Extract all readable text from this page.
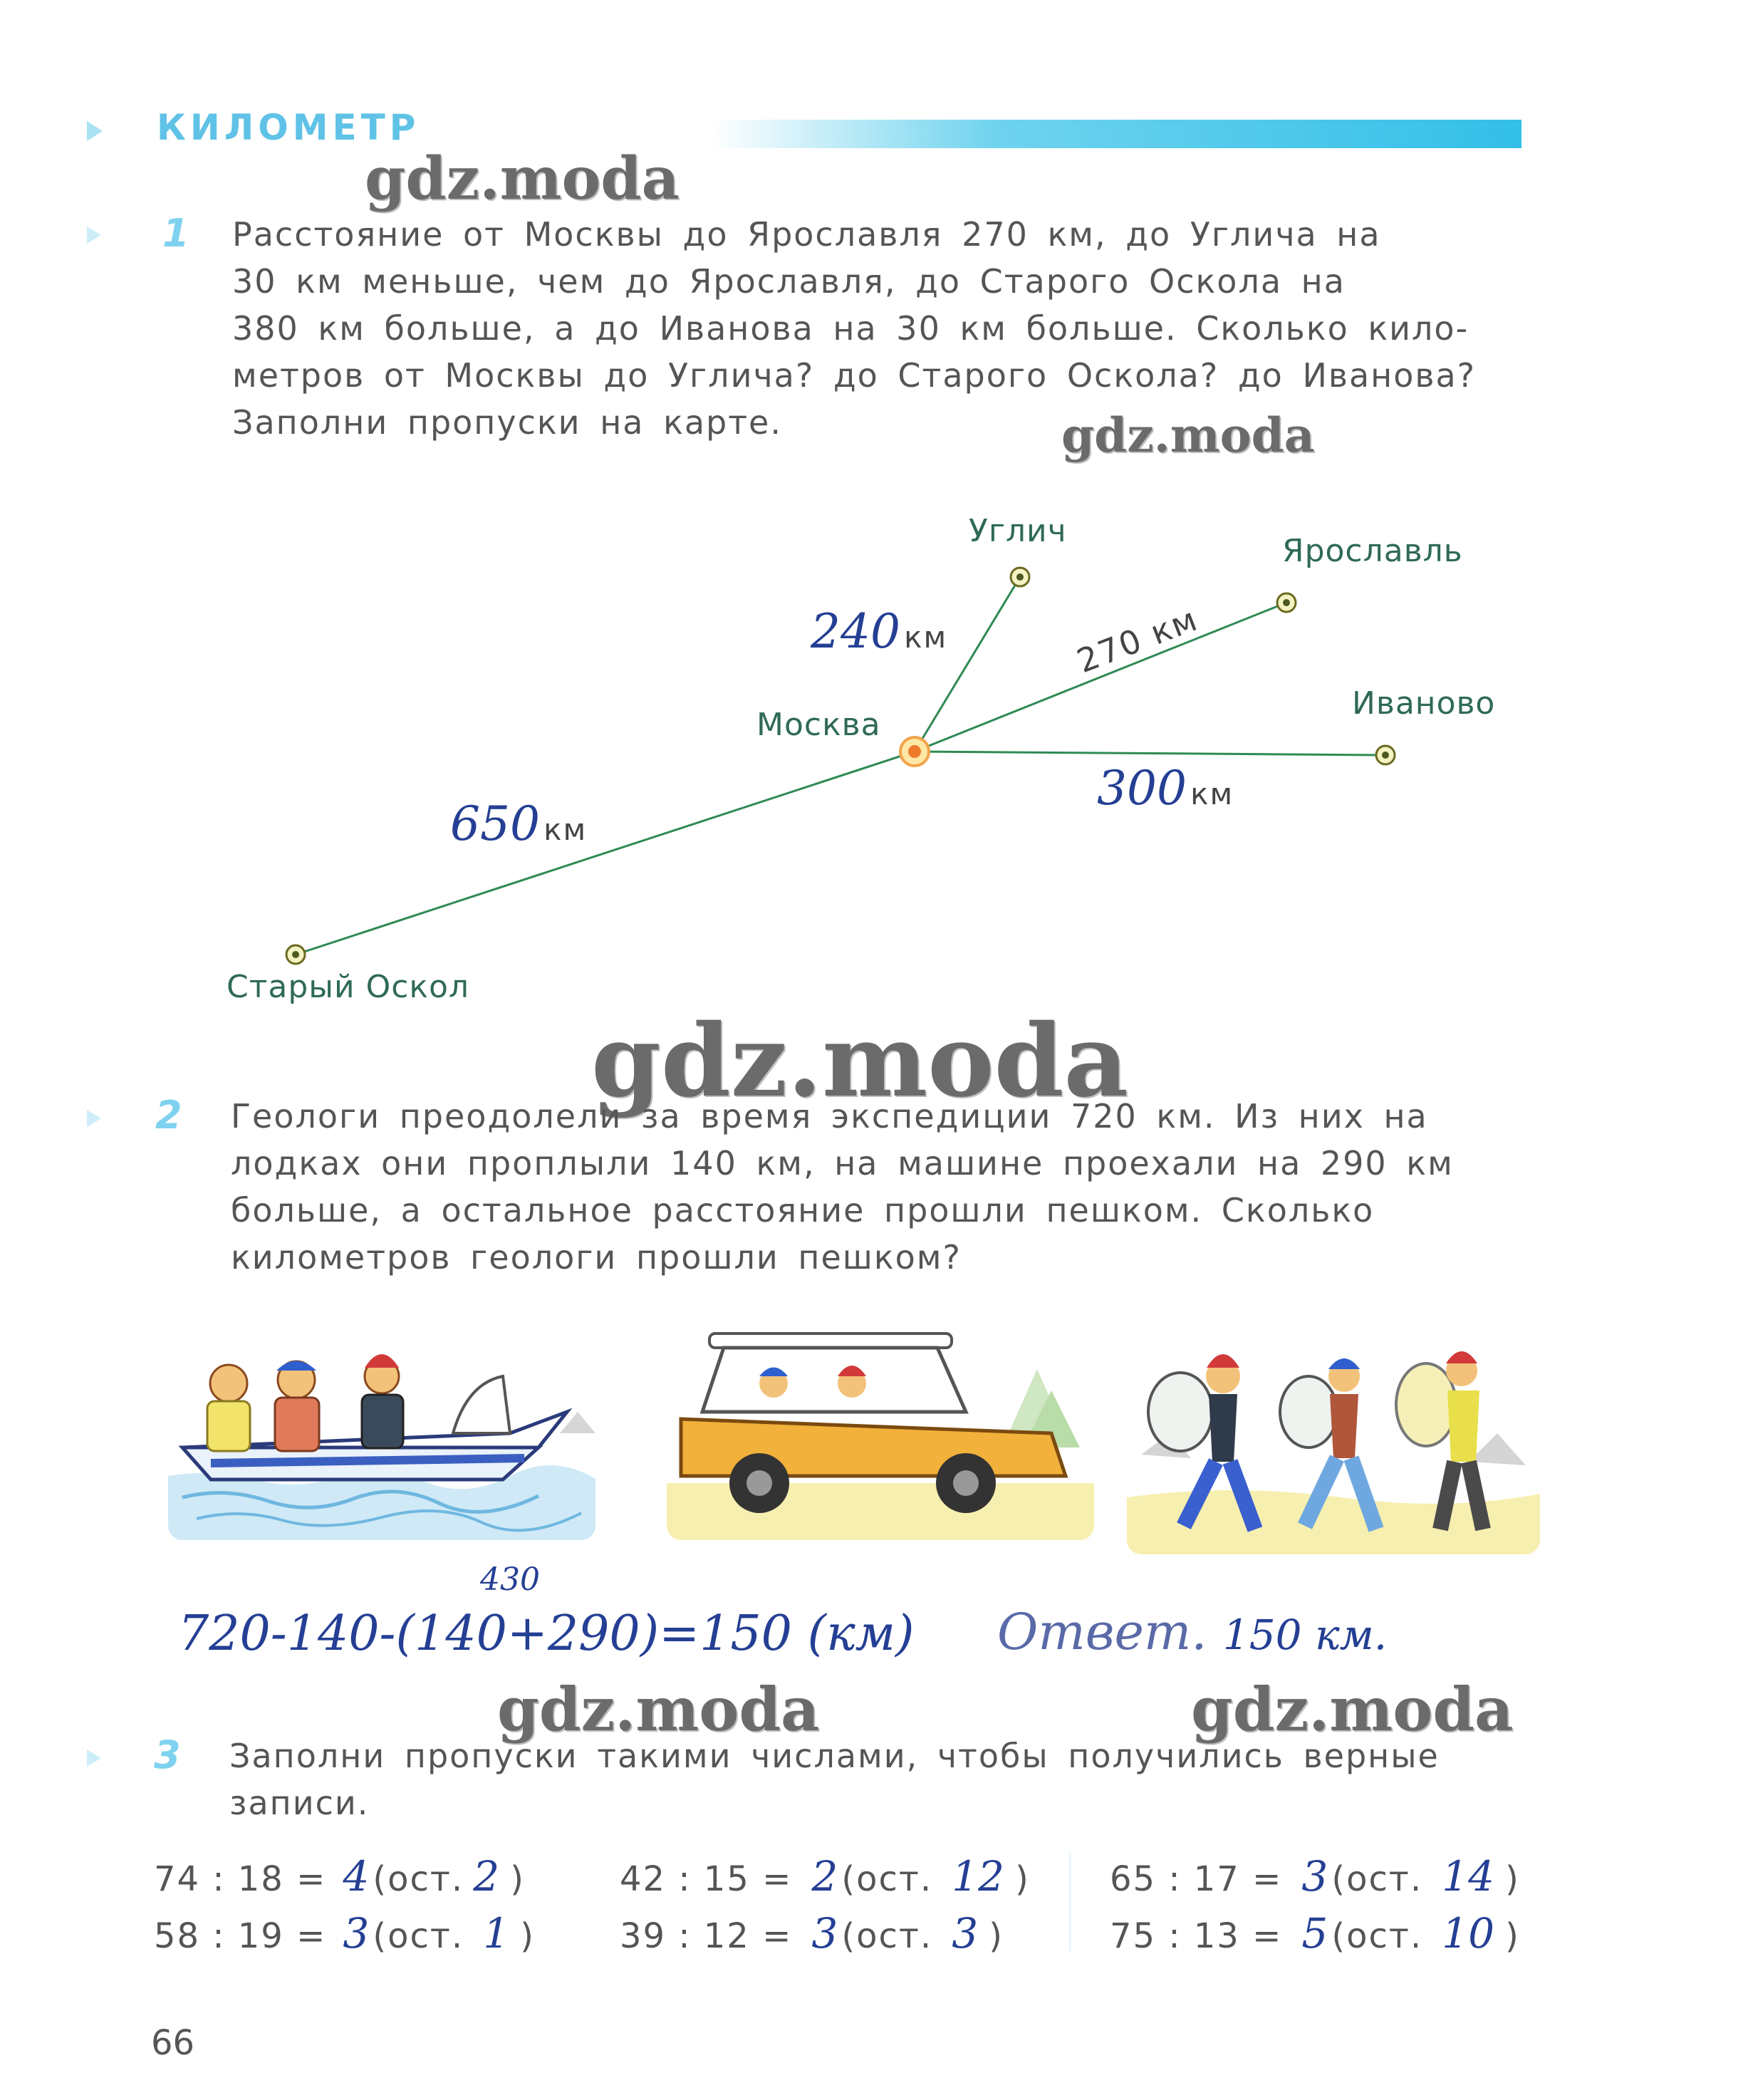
КИЛОМЕТР
gdz.moda
gdz.moda
gdz.moda
gdz.moda	gdz.moda
1 Расстояние от Москвы до Ярославля 270 км, до Углича на
30 км меньше, чем до Ярославля, до Старого Оскола на
380 км больше, а до Иванова на 30 км больше. Сколько кило-
метров от Москвы до Углича? до Старого Оскола? до Иванова?
Заполни пропуски на карте.
270 км
Углич
Ярославль
Москва
Иваново
Старый Оскол
240 км
300 км
650 км
2 Геологи преодолели за время экспедиции 720 км. Из них на
лодках они проплыли 140 км, на машине проехали на 290 км
больше, а остальное расстояние прошли пешком. Сколько
километров геологи прошли пешком?
430
720-140-(140+290)=150 (км) Ответ. 150 км.
3 Заполни пропуски такими числами, чтобы получились верные
записи.
74 : 18 = 4 (ост. 2 )
58 : 19 = 3 (ост. 1 )
42 : 15 = 2 (ост. 12 )
39 : 12 = 3 (ост. 3 )
65 : 17 = 3 (ост. 14 )
75 : 13 = 5 (ост. 10 )
66
